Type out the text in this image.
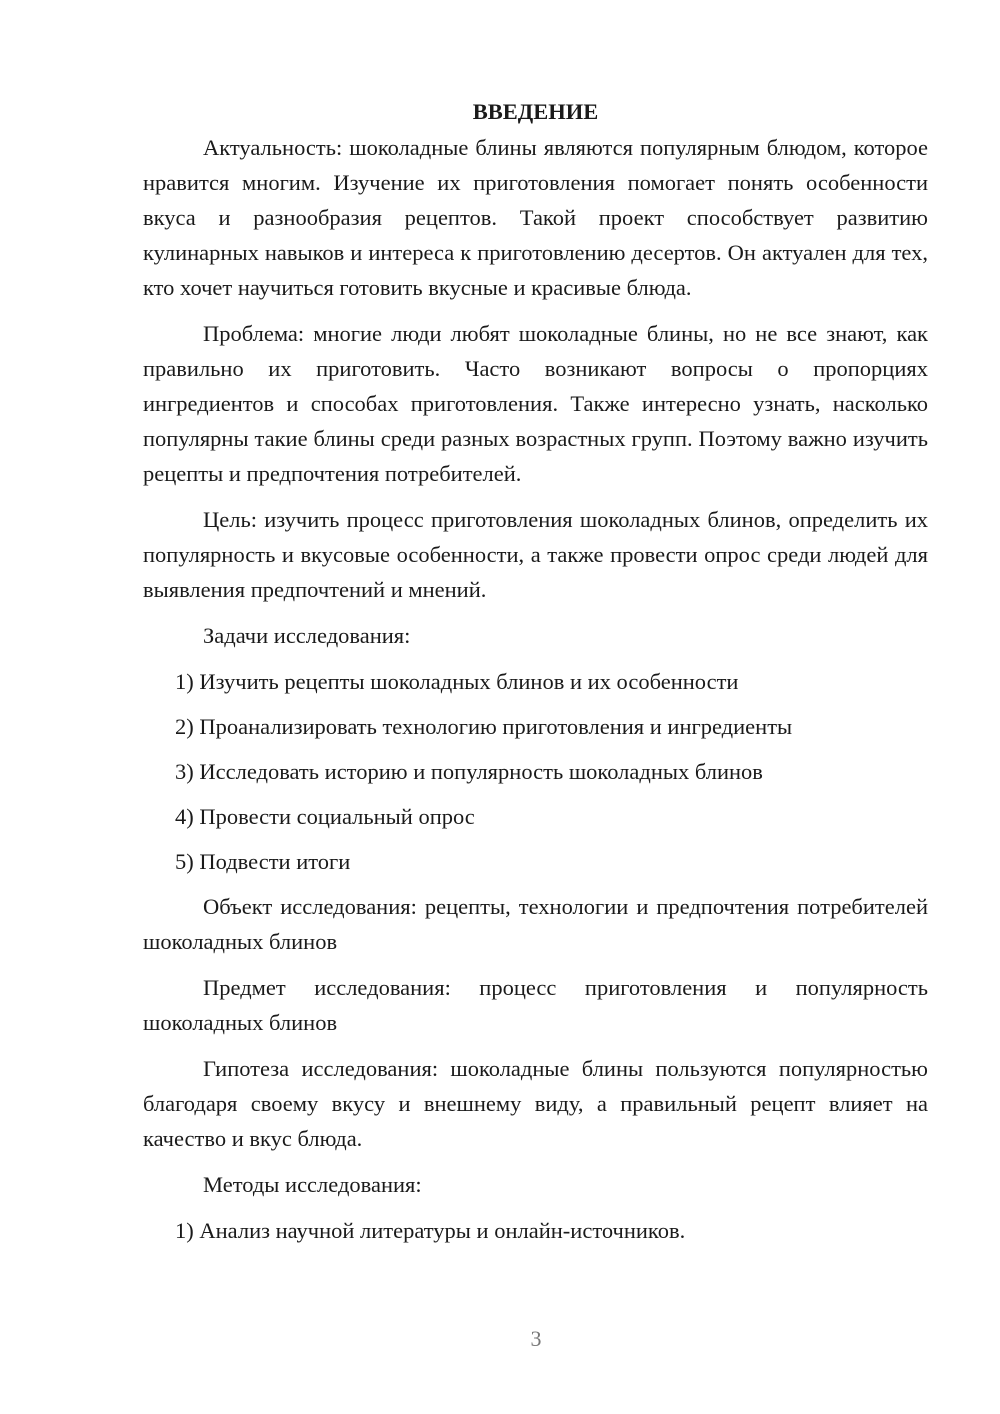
ВВЕДЕНИЕ
Актуальность: шоколадные блины являются популярным блюдом, которое нравится многим. Изучение их приготовления помогает понять особенности вкуса и разнообразия рецептов. Такой проект способствует развитию кулинарных навыков и интереса к приготовлению десертов. Он актуален для тех, кто хочет научиться готовить вкусные и красивые блюда.
Проблема: многие люди любят шоколадные блины, но не все знают, как правильно их приготовить. Часто возникают вопросы о пропорциях ингредиентов и способах приготовления. Также интересно узнать, насколько популярны такие блины среди разных возрастных групп. Поэтому важно изучить рецепты и предпочтения потребителей.
Цель: изучить процесс приготовления шоколадных блинов, определить их популярность и вкусовые особенности, а также провести опрос среди людей для выявления предпочтений и мнений.
Задачи исследования:
1) Изучить рецепты шоколадных блинов и их особенности
2) Проанализировать технологию приготовления и ингредиенты
3) Исследовать историю и популярность шоколадных блинов
4) Провести социальный опрос
5) Подвести итоги
Объект исследования: рецепты, технологии и предпочтения потребителей шоколадных блинов
Предмет исследования: процесс приготовления и популярность шоколадных блинов
Гипотеза исследования: шоколадные блины пользуются популярностью благодаря своему вкусу и внешнему виду, а правильный рецепт влияет на качество и вкус блюда.
Методы исследования:
1) Анализ научной литературы и онлайн-источников.
3
